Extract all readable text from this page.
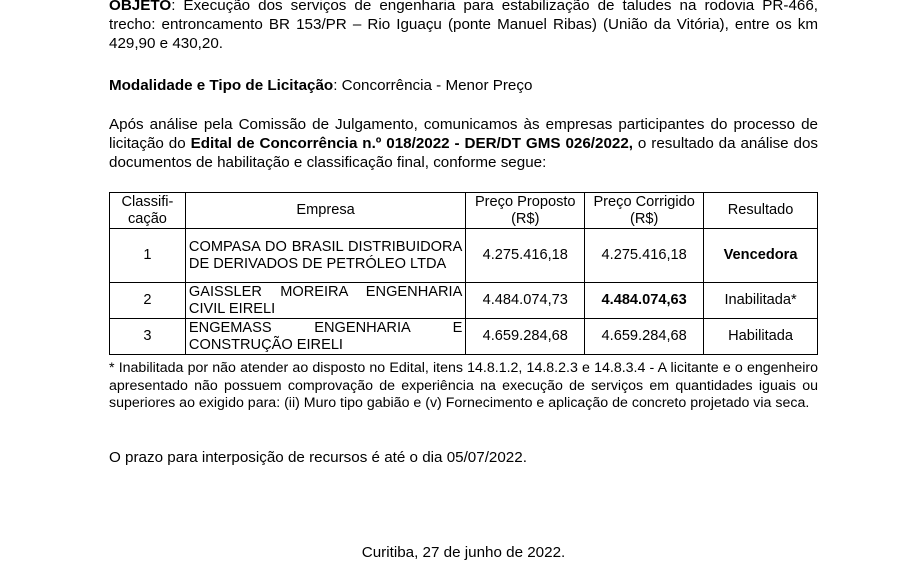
OBJETO: Execução dos serviços de engenharia para estabilização de taludes na rodovia PR-466, trecho: entroncamento BR 153/PR – Rio Iguaçu (ponte Manuel Ribas) (União da Vitória), entre os km 429,90 e 430,20.

Modalidade e Tipo de Licitação: Concorrência - Menor Preço

Após análise pela Comissão de Julgamento, comunicamos às empresas participantes do processo de licitação do Edital de Concorrência n.º 018/2022 - DER/DT GMS 026/2022, o resultado da análise dos documentos de habilitação e classificação final, conforme segue:

Classifi-cação	Empresa	Preço Proposto (R$)	Preço Corrigido (R$)	Resultado
1	COMPASA DO BRASIL DISTRIBUIDORA DE DERIVADOS DE PETRÓLEO LTDA	4.275.416,18	4.275.416,18	Vencedora
2	GAISSLER MOREIRA ENGENHARIA CIVIL EIRELI	4.484.074,73	4.484.074,63	Inabilitada*
3	ENGEMASS ENGENHARIA E CONSTRUÇÃO EIRELI	4.659.284,68	4.659.284,68	Habilitada

* Inabilitada por não atender ao disposto no Edital, itens 14.8.1.2, 14.8.2.3 e 14.8.3.4 - A licitante e o engenheiro apresentado não possuem comprovação de experiência na execução de serviços em quantidades iguais ou superiores ao exigido para: (ii) Muro tipo gabião e (v) Fornecimento e aplicação de concreto projetado via seca.

O prazo para interposição de recursos é até o dia 05/07/2022.

Curitiba, 27 de junho de 2022.
